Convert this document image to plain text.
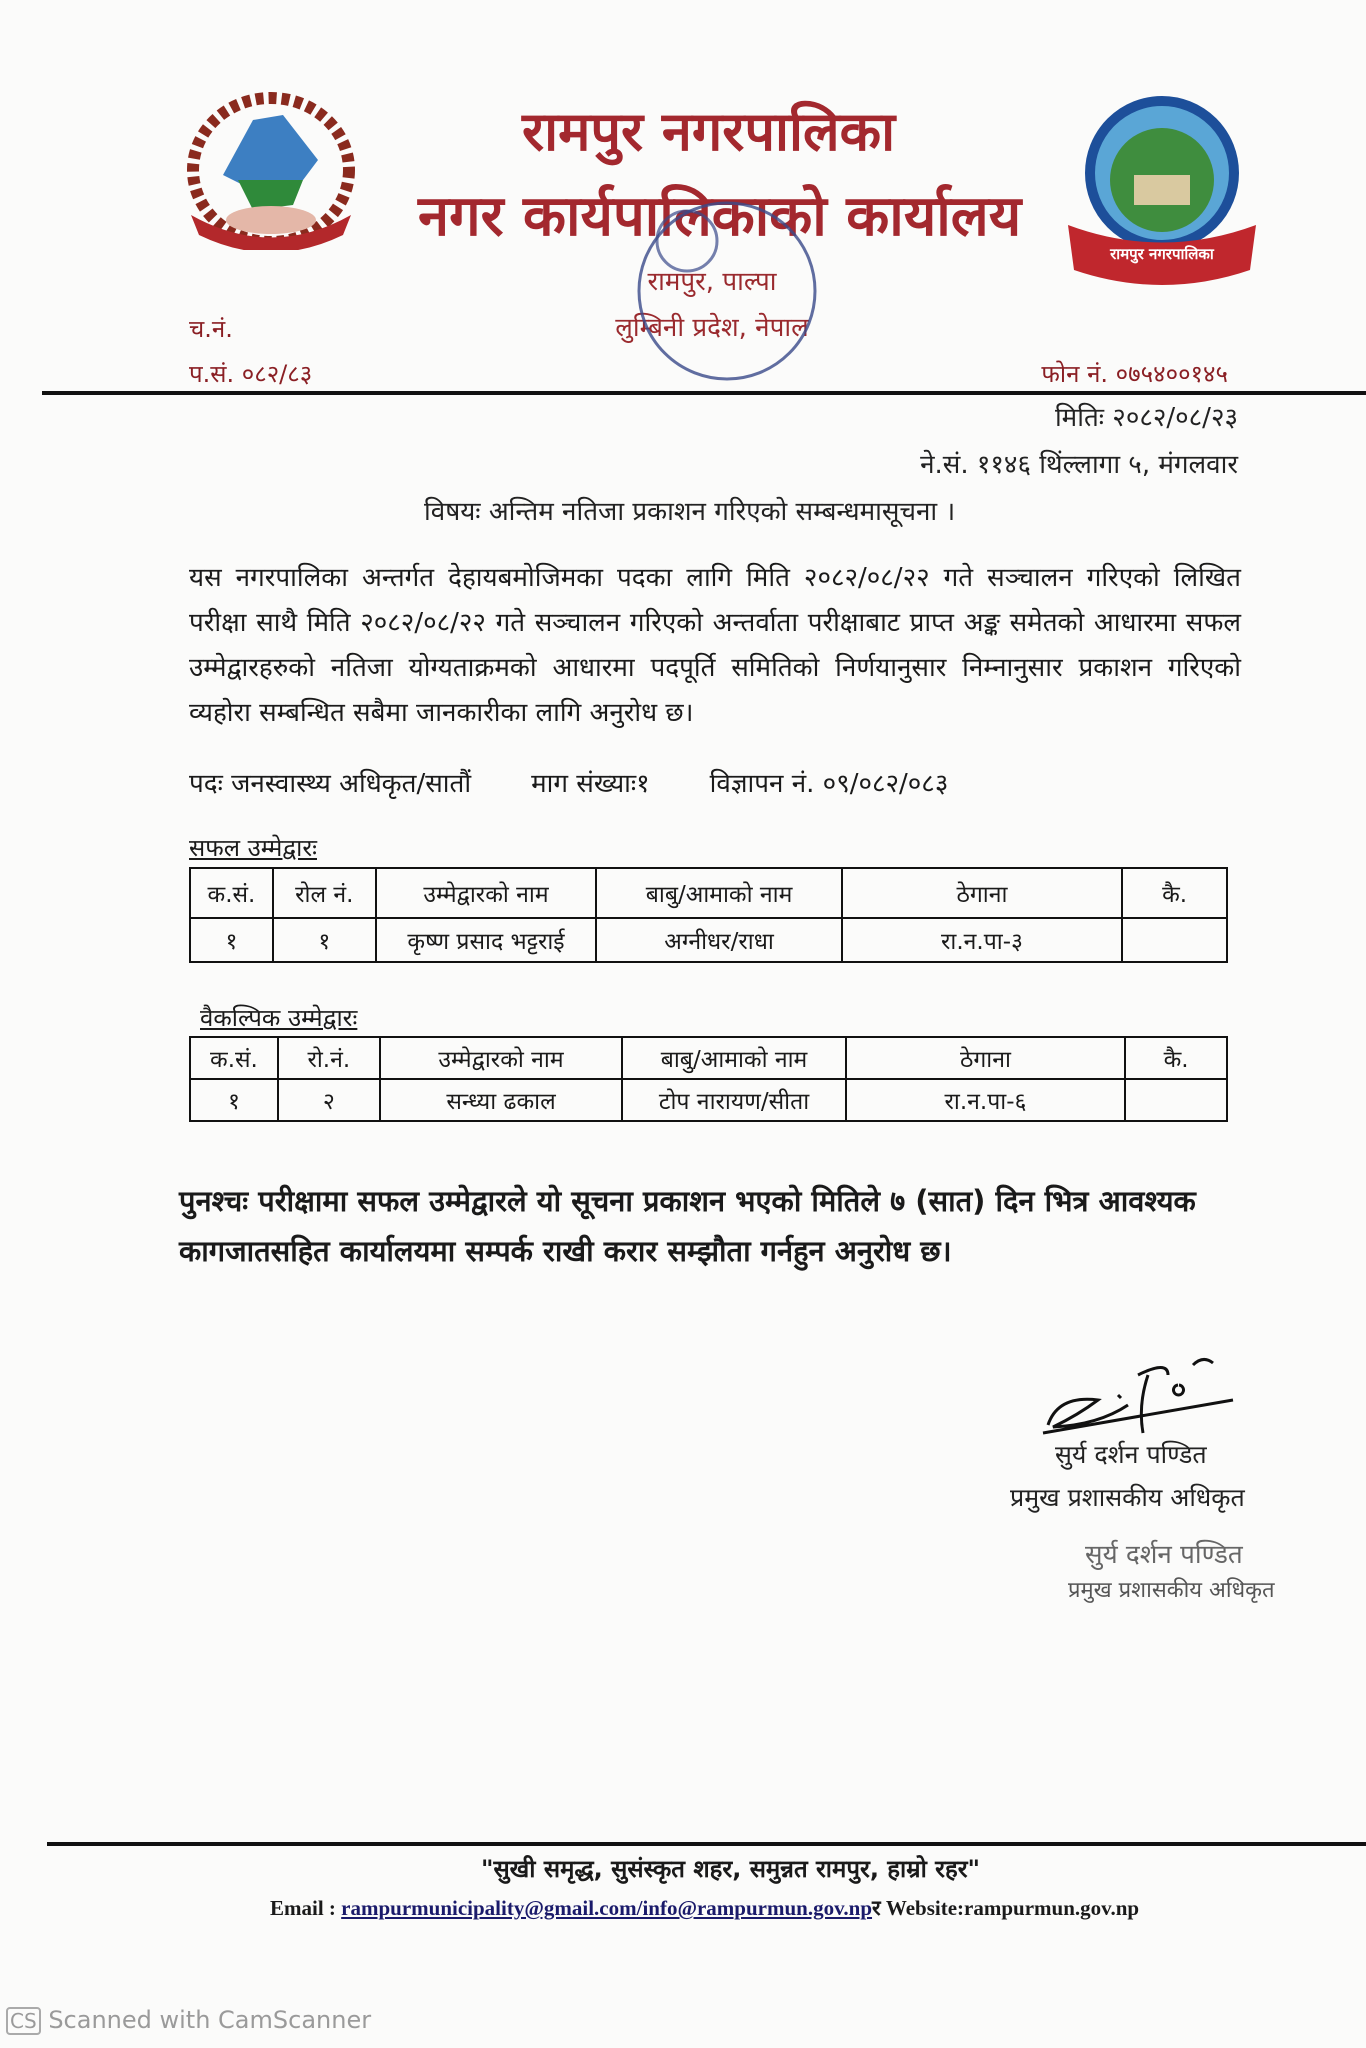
रामपुर नगरपालिका
रामपुर नगरपालिका
नगर कार्यपालिकाको कार्यालय
रामपुर, पाल्पा
लुम्बिनी प्रदेश, नेपाल
च.नं.
प.सं. ०८२/८३	फोन नं. ०७५४००१४५
मितिः २०८२/०८/२३
ने.सं. ११४६ थिंल्लागा ५, मंगलवार
विषयः अन्तिम नतिजा प्रकाशन गरिएको सम्बन्धमासूचना ।
यस नगरपालिका अन्तर्गत देहायबमोजिमका पदका लागि मिति २०८२/०८/२२ गते सञ्चालन गरिएको लिखित परीक्षा साथै मिति २०८२/०८/२२ गते सञ्चालन गरिएको अन्तर्वाता परीक्षाबाट प्राप्त अङ्क समेतको आधारमा सफल उम्मेद्वारहरुको नतिजा योग्यताक्रमको आधारमा पदपूर्ति समितिको निर्णयानुसार निम्नानुसार प्रकाशन गरिएको व्यहोरा सम्बन्धित सबैमा जानकारीका लागि अनुरोध छ।
पदः जनस्वास्थ्य अधिकृत/सातौं माग संख्याः१ विज्ञापन नं. ०९/०८२/०८३
सफल उम्मेद्वारः
क.सं.	रोल नं.	उम्मेद्वारको नाम	बाबु/आमाको नाम	ठेगाना	कै.
१	१	कृष्ण प्रसाद भट्टराई	अग्नीधर/राधा	रा.न.पा-३	
वैकल्पिक उम्मेद्वारः
क.सं.	रो.नं.	उम्मेद्वारको नाम	बाबु/आमाको नाम	ठेगाना	कै.
१	२	सन्ध्या ढकाल	टोप नारायण/सीता	रा.न.पा-६	
पुनश्चः परीक्षामा सफल उम्मेद्वारले यो सूचना प्रकाशन भएको मितिले ७ (सात) दिन भित्र आवश्यक कागजातसहित कार्यालयमा सम्पर्क राखी करार सम्झौता गर्नहुन अनुरोध छ।
सुर्य दर्शन पण्डित
प्रमुख प्रशासकीय अधिकृत
सुर्य दर्शन पण्डित
प्रमुख प्रशासकीय अधिकृत
"सुखी समृद्ध, सुसंस्कृत शहर, समुन्नत रामपुर, हाम्रो रहर"
Email : rampurmunicipality@gmail.com/info@rampurmun.gov.npर Website:rampurmun.gov.np
CS Scanned with CamScanner
